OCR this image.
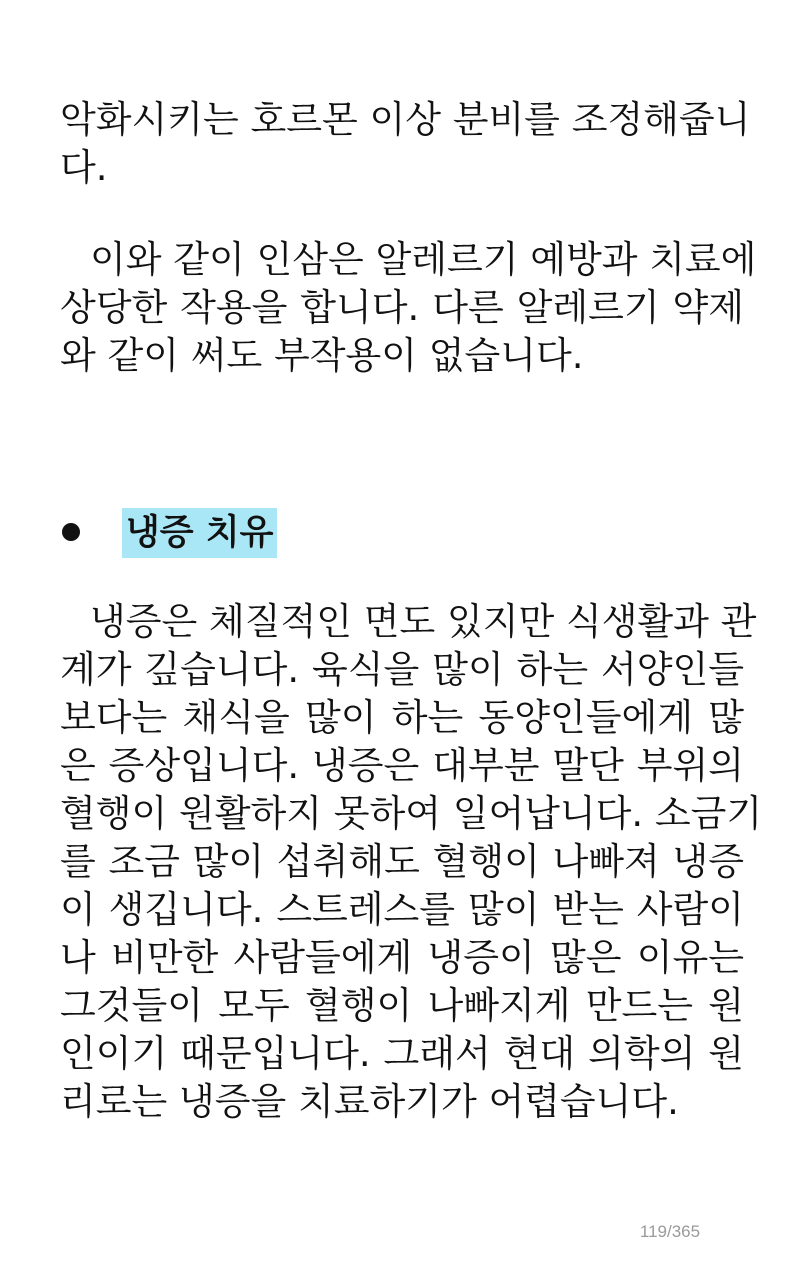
악화시키는 호르몬 이상 분비를 조정해줍니
다.
이와 같이 인삼은 알레르기 예방과 치료에
상당한 작용을 합니다. 다른 알레르기 약제
와 같이 써도 부작용이 없습니다.
냉증 치유
냉증은 체질적인 면도 있지만 식생활과 관
계가 깊습니다. 육식을 많이 하는 서양인들
보다는 채식을 많이 하는 동양인들에게 많
은 증상입니다. 냉증은 대부분 말단 부위의
혈행이 원활하지 못하여 일어납니다. 소금기
를 조금 많이 섭취해도 혈행이 나빠져 냉증
이 생깁니다. 스트레스를 많이 받는 사람이
나 비만한 사람들에게 냉증이 많은 이유는
그것들이 모두 혈행이 나빠지게 만드는 원
인이기 때문입니다. 그래서 현대 의학의 원
리로는 냉증을 치료하기가 어렵습니다.
119/365
